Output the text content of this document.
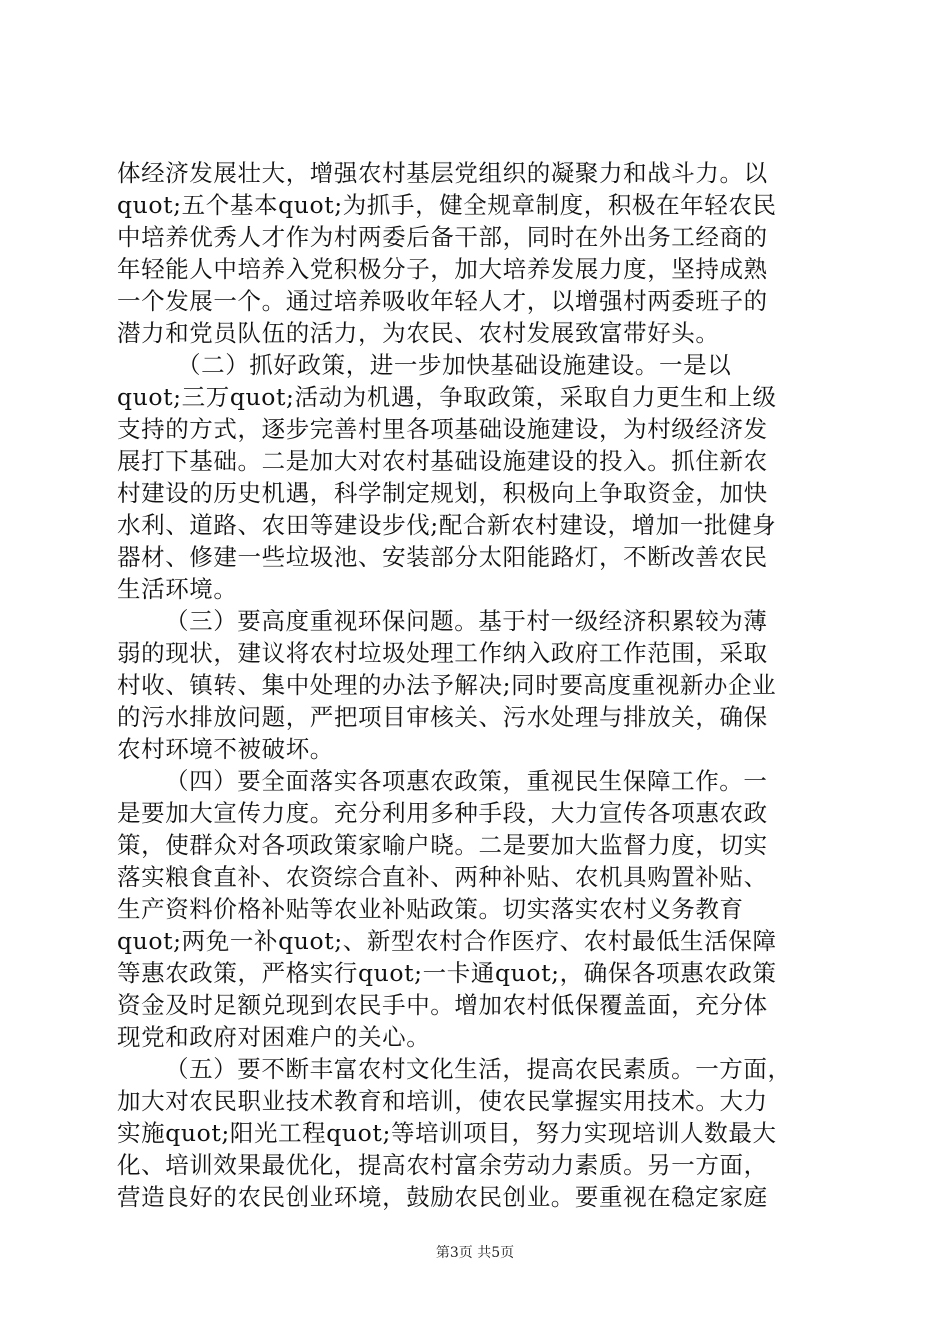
体经济发展壮大，增强农村基层党组织的凝聚力和战斗力。以
quot;五个基本quot;为抓手，健全规章制度，积极在年轻农民
中培养优秀人才作为村两委后备干部，同时在外出务工经商的
年轻能人中培养入党积极分子，加大培养发展力度，坚持成熟
一个发展一个。通过培养吸收年轻人才，以增强村两委班子的
潜力和党员队伍的活力，为农民、农村发展致富带好头。
（二）抓好政策，进一步加快基础设施建设。一是以
quot;三万quot;活动为机遇，争取政策，采取自力更生和上级
支持的方式，逐步完善村里各项基础设施建设，为村级经济发
展打下基础。二是加大对农村基础设施建设的投入。抓住新农
村建设的历史机遇，科学制定规划，积极向上争取资金，加快
水利、道路、农田等建设步伐;配合新农村建设，增加一批健身
器材、修建一些垃圾池、安装部分太阳能路灯，不断改善农民
生活环境。
（三）要高度重视环保问题。基于村一级经济积累较为薄
弱的现状，建议将农村垃圾处理工作纳入政府工作范围，采取
村收、镇转、集中处理的办法予解决;同时要高度重视新办企业
的污水排放问题，严把项目审核关、污水处理与排放关，确保
农村环境不被破坏。
（四）要全面落实各项惠农政策，重视民生保障工作。一
是要加大宣传力度。充分利用多种手段，大力宣传各项惠农政
策，使群众对各项政策家喻户晓。二是要加大监督力度，切实
落实粮食直补、农资综合直补、两种补贴、农机具购置补贴、
生产资料价格补贴等农业补贴政策。切实落实农村义务教育
quot;两免一补quot;、新型农村合作医疗、农村最低生活保障
等惠农政策，严格实行quot;一卡通quot;，确保各项惠农政策
资金及时足额兑现到农民手中。增加农村低保覆盖面，充分体
现党和政府对困难户的关心。
（五）要不断丰富农村文化生活，提高农民素质。一方面，
加大对农民职业技术教育和培训，使农民掌握实用技术。大力
实施quot;阳光工程quot;等培训项目，努力实现培训人数最大
化、培训效果最优化，提高农村富余劳动力素质。另一方面，
营造良好的农民创业环境，鼓励农民创业。要重视在稳定家庭
第3页 共5页
